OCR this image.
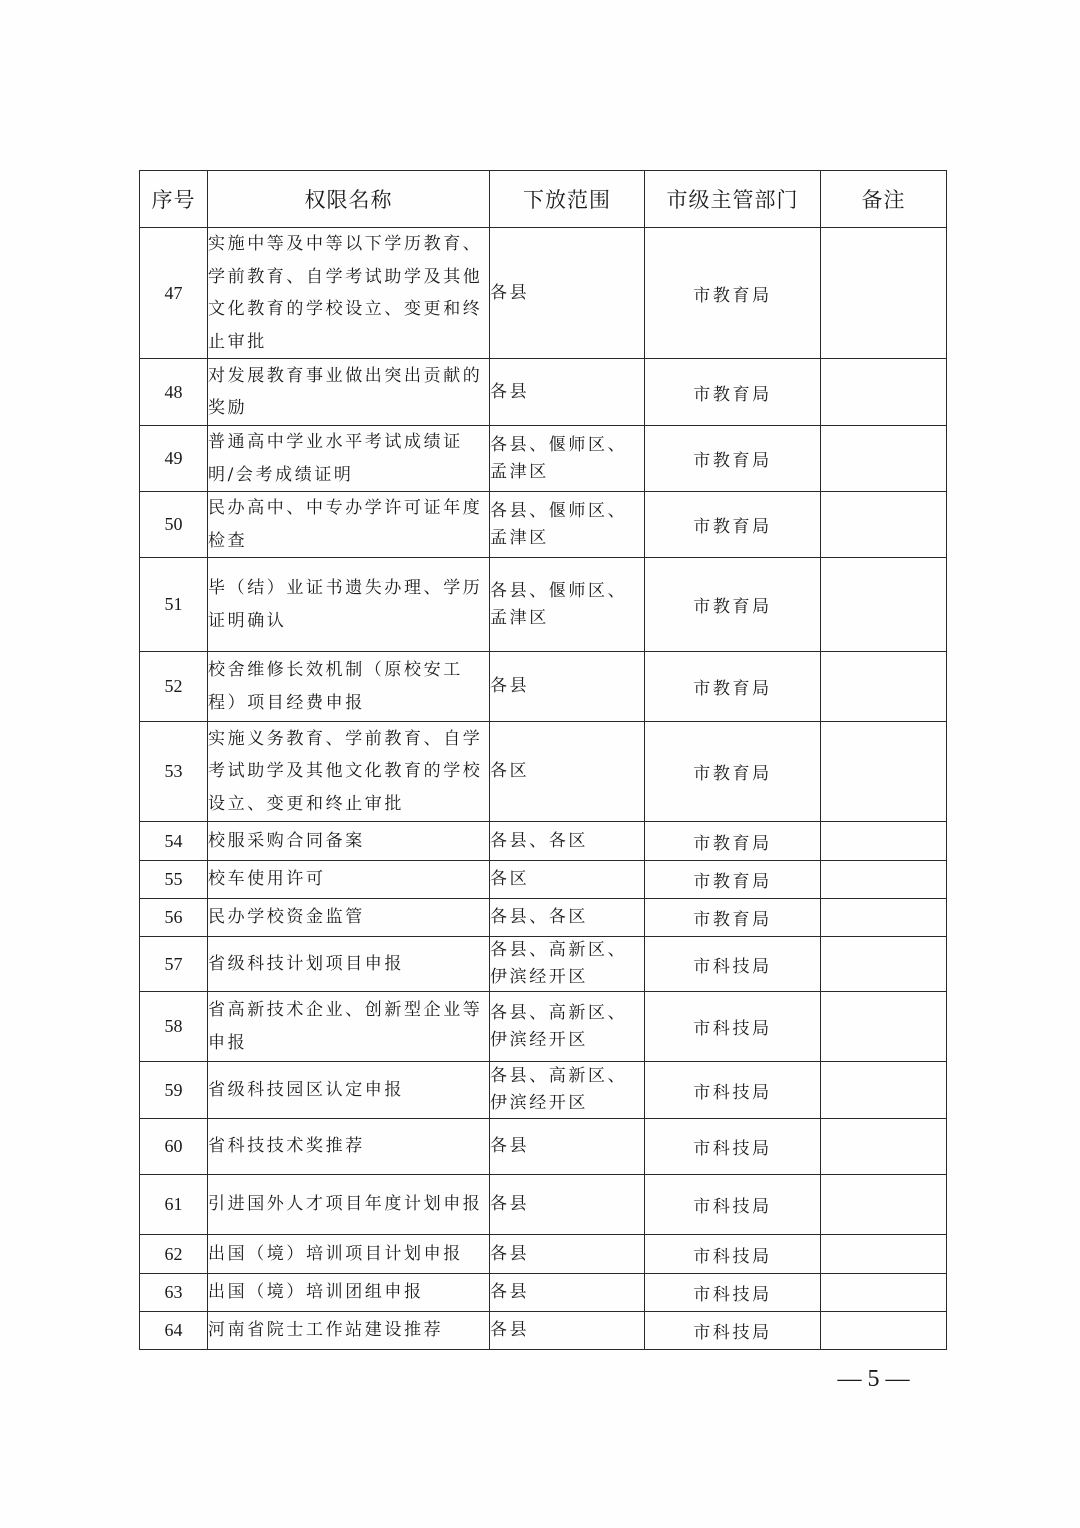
序号	权限名称	下放范围	市级主管部门	备注
47	实施中等及中等以下学历教育、学前教育、自学考试助学及其他文化教育的学校设立、变更和终止审批	各县	市教育局	
48	对发展教育事业做出突出贡献的奖励	各县	市教育局	
49	普通高中学业水平考试成绩证明/会考成绩证明	各县、偃师区、孟津区	市教育局	
50	民办高中、中专办学许可证年度检查	各县、偃师区、孟津区	市教育局	
51	毕（结）业证书遗失办理、学历证明确认	各县、偃师区、孟津区	市教育局	
52	校舍维修长效机制（原校安工程）项目经费申报	各县	市教育局	
53	实施义务教育、学前教育、自学考试助学及其他文化教育的学校设立、变更和终止审批	各区	市教育局	
54	校服采购合同备案	各县、各区	市教育局	
55	校车使用许可	各区	市教育局	
56	民办学校资金监管	各县、各区	市教育局	
57	省级科技计划项目申报	各县、高新区、伊滨经开区	市科技局	
58	省高新技术企业、创新型企业等申报	各县、高新区、伊滨经开区	市科技局	
59	省级科技园区认定申报	各县、高新区、伊滨经开区	市科技局	
60	省科技技术奖推荐	各县	市科技局	
61	引进国外人才项目年度计划申报	各县	市科技局	
62	出国（境）培训项目计划申报	各县	市科技局	
63	出国（境）培训团组申报	各县	市科技局	
64	河南省院士工作站建设推荐	各县	市科技局	
— 5 —
